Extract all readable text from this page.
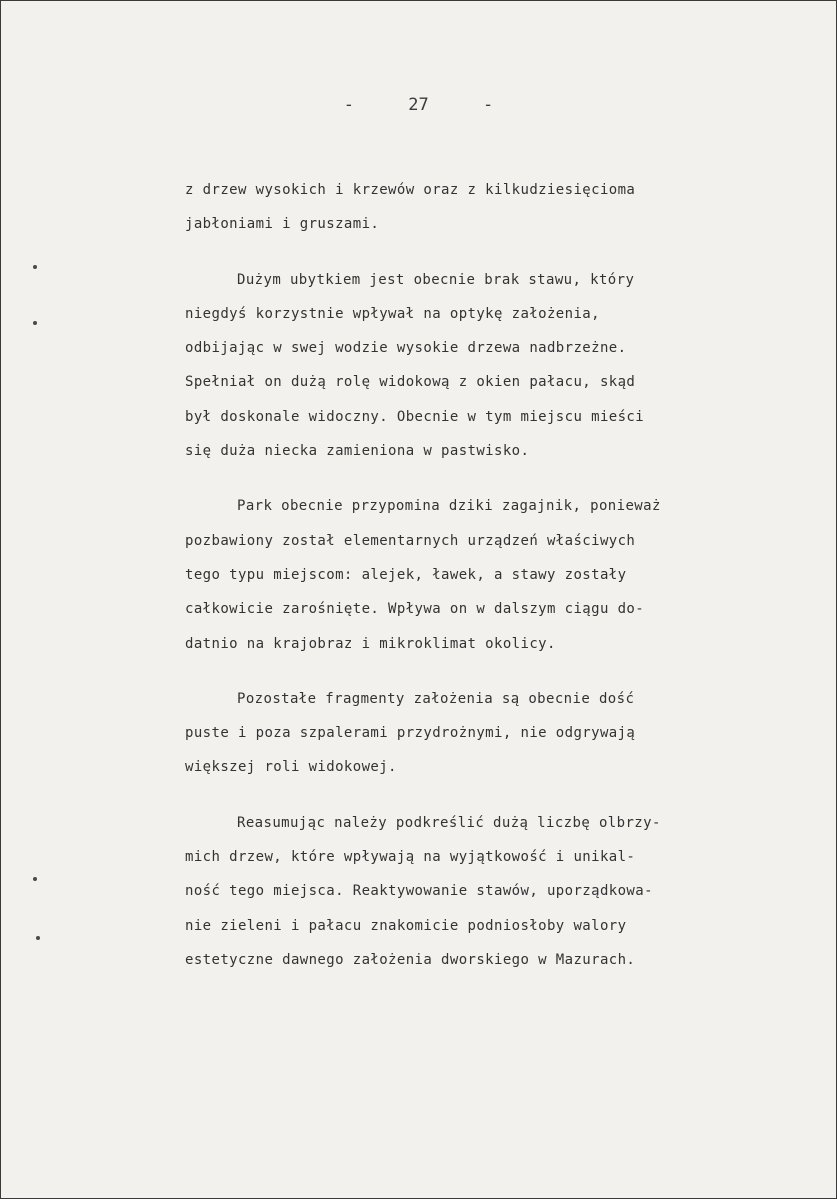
-	27	-
z drzew wysokich i krzewów oraz z kilkudziesięcioma
jabłoniami i gruszami.
Dużym ubytkiem jest obecnie brak stawu, który
niegdyś korzystnie wpływał na optykę założenia,
odbijając w swej wodzie wysokie drzewa nadbrzeżne.
Spełniał on dużą rolę widokową z okien pałacu, skąd
był doskonale widoczny. Obecnie w tym miejscu mieści
się duża niecka zamieniona w pastwisko.
Park obecnie przypomina dziki zagajnik, ponieważ
pozbawiony został elementarnych urządzeń właściwych
tego typu miejscom: alejek, ławek, a stawy zostały
całkowicie zarośnięte. Wpływa on w dalszym ciągu do-
datnio na krajobraz i mikroklimat okolicy.
Pozostałe fragmenty założenia są obecnie dość
puste i poza szpalerami przydrożnymi, nie odgrywają
większej roli widokowej.
Reasumując należy podkreślić dużą liczbę olbrzy-
mich drzew, które wpływają na wyjątkowość i unikal-
ność tego miejsca. Reaktywowanie stawów, uporządkowa-
nie zieleni i pałacu znakomicie podniosłoby walory
estetyczne dawnego założenia dworskiego w Mazurach.
